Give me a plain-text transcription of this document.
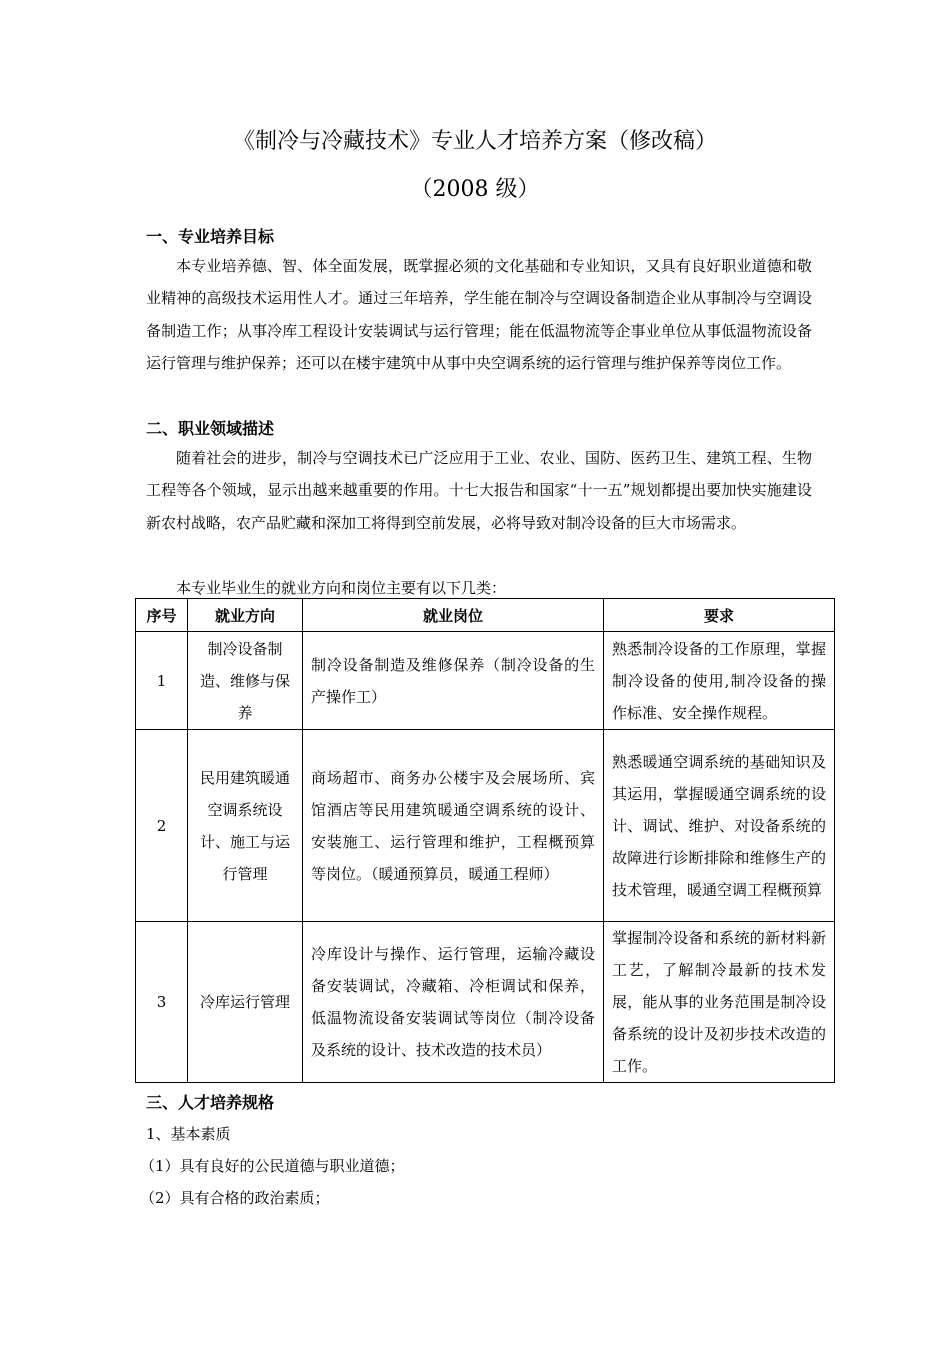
《制冷与冷藏技术》专业人才培养方案（修改稿）
（2008 级）
一、专业培养目标

本专业培养德、智、体全面发展，既掌握必须的文化基础和专业知识，又具有良好职业道德和敬业精神的高级技术运用性人才。通过三年培养，学生能在制冷与空调设备制造企业从事制冷与空调设备制造工作；从事冷库工程设计安装调试与运行管理；能在低温物流等企事业单位从事低温物流设备运行管理与维护保养；还可以在楼宇建筑中从事中央空调系统的运行管理与维护保养等岗位工作。

二、职业领域描述

随着社会的进步，制冷与空调技术已广泛应用于工业、农业、国防、医药卫生、建筑工程、生物工程等各个领域，显示出越来越重要的作用。十七大报告和国家“十一五”规划都提出要加快实施建设新农村战略，农产品贮藏和深加工将得到空前发展，必将导致对制冷设备的巨大市场需求。

本专业毕业生的就业方向和岗位主要有以下几类：
序号	就业方向	就业岗位	要求
1	制冷设备制造、维修与保养	制冷设备制造及维修保养（制冷设备的生产操作工）	熟悉制冷设备的工作原理，掌握制冷设备的使用,制冷设备的操作标准、安全操作规程。
2	民用建筑暖通空调系统设计、施工与运行管理	商场超市、商务办公楼宇及会展场所、宾馆酒店等民用建筑暖通空调系统的设计、安装施工、运行管理和维护，工程概预算等岗位。（暖通预算员，暖通工程师）	熟悉暖通空调系统的基础知识及其运用，掌握暖通空调系统的设计、调试、维护、对设备系统的故障进行诊断排除和维修生产的技术管理，暖通空调工程概预算
3	冷库运行管理	冷库设计与操作、运行管理，运输冷藏设备安装调试，冷藏箱、冷柜调试和保养，低温物流设备安装调试等岗位（制冷设备及系统的设计、技术改造的技术员）	掌握制冷设备和系统的新材料新工艺，了解制冷最新的技术发展，能从事的业务范围是制冷设备系统的设计及初步技术改造的工作。
三、人才培养规格
1、基本素质
（1）具有良好的公民道德与职业道德；
（2）具有合格的政治素质；
